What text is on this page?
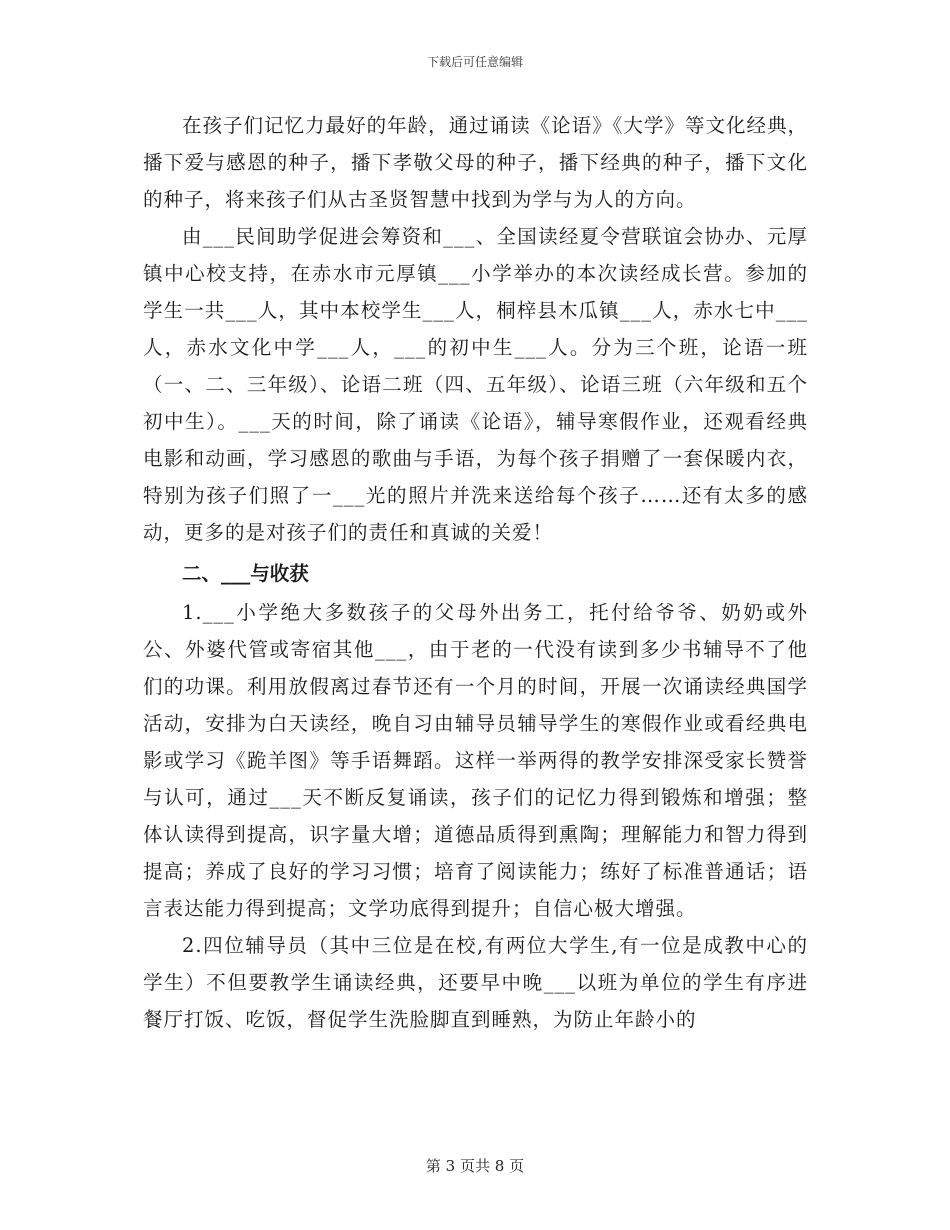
下载后可任意编辑

在孩子们记忆力最好的年龄，通过诵读《论语》《大学》等文化经典，播下爱与感恩的种子，播下孝敬父母的种子，播下经典的种子，播下文化的种子，将来孩子们从古圣贤智慧中找到为学与为人的方向。

由___民间助学促进会筹资和___、全国读经夏令营联谊会协办、元厚镇中心校支持，在赤水市元厚镇___小学举办的本次读经成长营。参加的学生一共___人，其中本校学生___人，桐梓县木瓜镇___人，赤水七中___人，赤水文化中学___人，___的初中生___人。分为三个班，论语一班（一、二、三年级）、论语二班（四、五年级）、论语三班（六年级和五个初中生）。___天的时间，除了诵读《论语》，辅导寒假作业，还观看经典电影和动画，学习感恩的歌曲与手语，为每个孩子捐赠了一套保暖内衣，特别为孩子们照了一___光的照片并洗来送给每个孩子……还有太多的感动，更多的是对孩子们的责任和真诚的关爱！

二、___与收获

1.___小学绝大多数孩子的父母外出务工，托付给爷爷、奶奶或外公、外婆代管或寄宿其他___，由于老的一代没有读到多少书辅导不了他们的功课。利用放假离过春节还有一个月的时间，开展一次诵读经典国学活动，安排为白天读经，晚自习由辅导员辅导学生的寒假作业或看经典电影或学习《跪羊图》等手语舞蹈。这样一举两得的教学安排深受家长赞誉与认可，通过___天不断反复诵读，孩子们的记忆力得到锻炼和增强；整体认读得到提高，识字量大增；道德品质得到熏陶；理解能力和智力得到提高；养成了良好的学习习惯；培育了阅读能力；练好了标准普通话；语言表达能力得到提高；文学功底得到提升；自信心极大增强。

2.四位辅导员（其中三位是在校,有两位大学生,有一位是成教中心的学生）不但要教学生诵读经典，还要早中晚___以班为单位的学生有序进餐厅打饭、吃饭，督促学生洗脸脚直到睡熟，为防止年龄小的

第 3 页共 8 页
